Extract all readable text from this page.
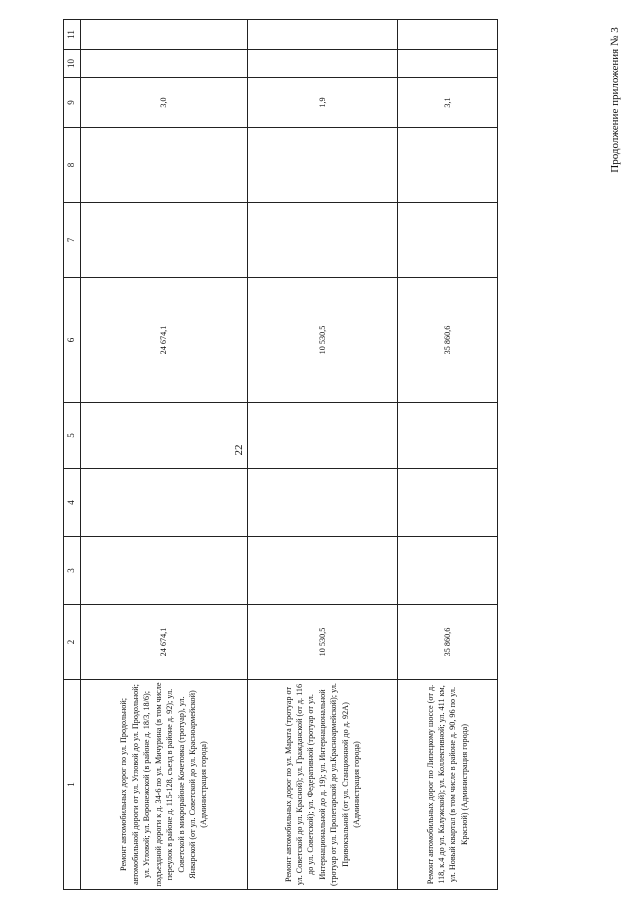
22
Продолжение приложения № 3
1	2	3	4	5	6	7	8	9	10	11
Ремонт автомобильных дорог по ул. Продольной; автомобильной дороги от ул. Угловой до ул. Продольной; ул. Угловой; ул. Воронежской (в районе д. 18/3, 18/6); подъездной дороги к д. 34-6 по ул. Мичурина (в том числе переулок в районе д. 115-128, съезд в районе д. 92); ул. Советской в микрорайоне Кочетовка (тротуар), ул. Январской (от ул. Советской до ул. Красноармейской) (Администрация города)	24 674,1				24 674,1			3,0		
Ремонт автомобильных дорог по ул. Марата (тротуар от ул. Советской до ул. Красной); ул. Гражданской (от д. 116 до ул. Советской); ул. Федеративной (тротуар от ул. Интернациональной до д. 19); ул. Интернациональной (тротуар от ул. Пролетарской до ул.Красноармейской); ул. Привокзальной (от ул. Станционной до д. 92А) (Администрация города)	10 530,5				10 530,5			1,9		
Ремонт автомобильных дорог по Липецкому шоссе (от д. 118, к.4 до ул. Калужской); ул. Коллективной; ул. 411 км, ул. Новый квартал (в том числе в районе д. 90, 96 по ул. Красной) (Администрация города)	35 860,6				35 860,6			3,1		
